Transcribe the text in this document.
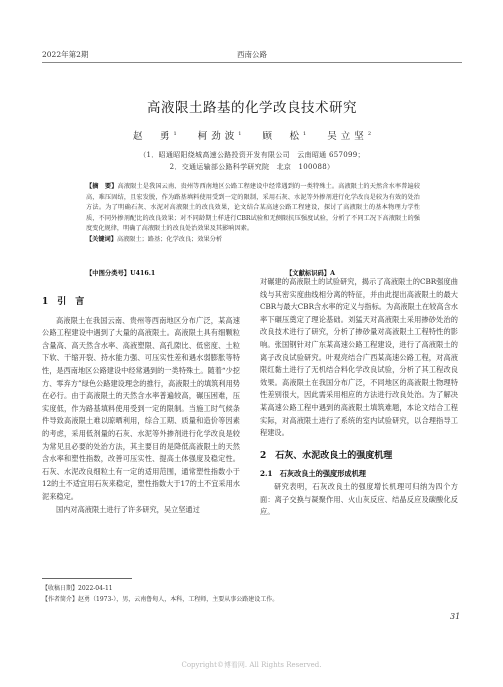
2022年第2期	西南公路
高液限土路基的化学改良技术研究
赵　勇$^1$ 柯劲波$^1$ 顾　松$^1$ 吴立坚$^2$
（1．昭通昭阳绕城高速公路投资开发有限公司　云南昭通 657099；
2．交通运输部公路科学研究院　北京　100088）
【摘　要】高液限土是我国云南、贵州等西南地区公路工程建设中经常遇到的一类特殊土。高液限土的天然含水率普遍较高，难压固结，且宏发脱，作为路基填料使用受到一定的限制，采用石灰、水泥等外掺剂进行化学改良是较为有效的处治方法。为了明确石灰、水泥对高液限土的改良效果，论文结合某高速公路工程建设，探讨了高液限土的基本物理力学性质，不同外掺剂配比的改良效果；对不同龄期土样进行CBR试验和无侧限抗压强度试验，分析了不同工况下高液限土的强度变化规律，明确了高液限土的改良处治效果及其影响因素。
【关键词】高液限土；路基；化学改良；效果分析
【中图分类号】U416.1	【文献标识码】A
1　引　言

高液限土在我国云南、贵州等西南地区分布广泛，某高速公路工程建设中遇到了大量的高液限土。高液限土具有细颗粒含量高、高天然含水率、高液塑限、高孔隙比、低密度、土粒下软、干缩开裂、持水能力强、可压实性差和遇水弱膨胀等特性，是西南地区公路建设中经常遇到的一类特殊土。随着“少挖方、零弃方”绿色公路建设理念的推行，高液限土的填筑利用势在必行。由于高液限土的天然含水率普遍较高，碾压困难，压实度低，作为路基填料使用受到一定的限制。当施工时气候条件导致高液限土难以晾晒利用，综合工期、质量和造价等因素的考虑，采用低剂量的石灰、水泥等外掺剂进行化学改良是较为常见且必要的处治方法，其主要目的是降低高液限土的天然含水率和塑性指数，改善可压实性、提高土体强度及稳定性。石灰、水泥改良细粒土有一定的适用范围，通常塑性指数小于12的土不适宜用石灰来稳定，塑性指数大于17的土不宜采用水泥来稳定。

国内对高液限土进行了许多研究，吴立坚通过

对碾建的高液限土的试验研究，揭示了高液限土的CBR强度曲线与其密实度曲线相分离的特征，并由此提出高液限土的最大CBR与最大CBR含水率的定义与指标。为高液限土在较高含水率下碾压奠定了理论基础。刘猛天对高液限土采用掺砂处治的改良技术进行了研究，分析了掺砂量对高液限土工程特性的影响。张国钢针对广东某高速公路工程建设，进行了高液限土的离子改良试验研究。叶观亮结合广西某高速公路工程，对高液限红黏土进行了无机结合料化学改良试验，分析了其工程改良效果。高液限土在我国分布广泛，不同地区的高液限土物理特性差别很大，因此需采用相应的方法进行改良处治。为了解决某高速公路工程中遇到的高液限土填筑难题，本论文结合工程实际，对高液限土进行了系统的室内试验研究，以合理指导工程建设。

2　石灰、水泥改良土的强度机理
2.1　石灰改良土的强度形成机理

研究表明，石灰改良土的强度增长机理可归纳为四个方面：离子交换与凝聚作用、火山灰反应、结晶反应及碳酸化反应。

【收稿日期】2022-04-11
【作者简介】赵勇（1973-），男，云南鲁甸人，本科，工程师，主要从事公路建设工作。
31
Copyright©博看网. All Rights Reserved.
